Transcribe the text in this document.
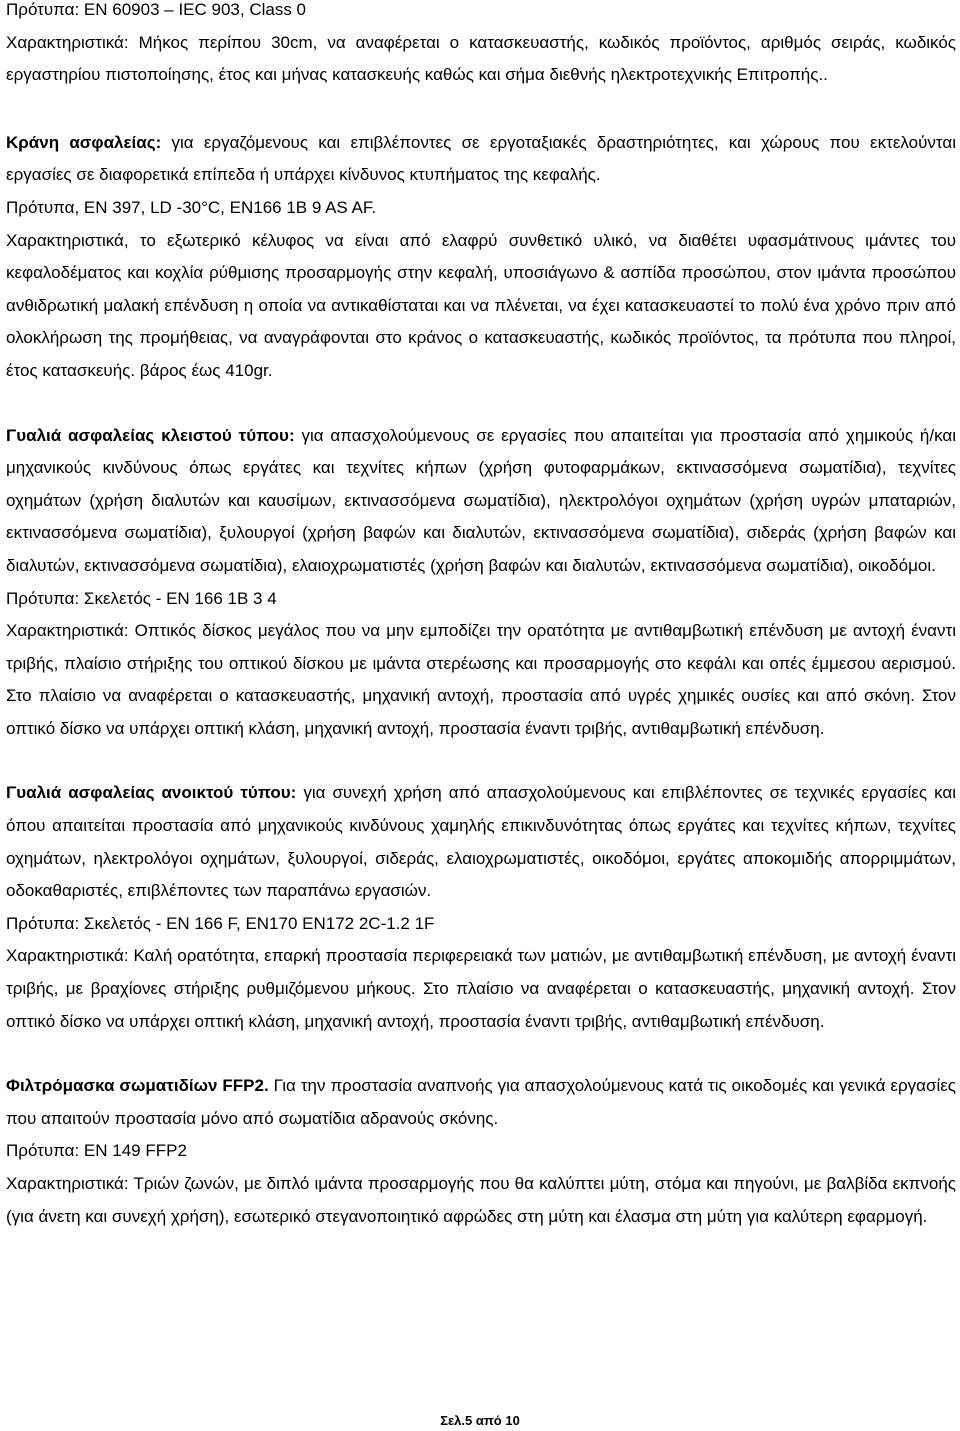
Πρότυπα: EN 60903 – IEC 903, Class 0

Χαρακτηριστικά: Μήκος περίπου 30cm, να αναφέρεται ο κατασκευαστής, κωδικός προϊόντος, αριθμός σειράς, κωδικός εργαστηρίου πιστοποίησης, έτος και μήνας κατασκευής καθώς και σήμα διεθνής ηλεκτροτεχνικής Επιτροπής..

Κράνη ασφαλείας: για εργαζόμενους και επιβλέποντες σε εργοταξιακές δραστηριότητες, και χώρους που εκτελούνται εργασίες σε διαφορετικά επίπεδα ή υπάρχει κίνδυνος κτυπήματος της κεφαλής.

Πρότυπα, EN 397, LD -30°C, EN166 1B 9 AS AF.

Χαρακτηριστικά, το εξωτερικό κέλυφος να είναι από ελαφρύ συνθετικό υλικό, να διαθέτει υφασμάτινους ιμάντες του κεφαλοδέματος και κοχλία ρύθμισης προσαρμογής στην κεφαλή, υποσιάγωνο & ασπίδα προσώπου, στον ιμάντα προσώπου ανθιδρωτική μαλακή επένδυση η οποία να αντικαθίσταται και να πλένεται, να έχει κατασκευαστεί το πολύ ένα χρόνο πριν από ολοκλήρωση της προμήθειας, να αναγράφονται στο κράνος ο κατασκευαστής, κωδικός προϊόντος, τα πρότυπα που πληροί, έτος κατασκευής. βάρος έως 410gr.

Γυαλιά ασφαλείας κλειστού τύπου: για απασχολούμενους σε εργασίες που απαιτείται για προστασία από χημικούς ή/και μηχανικούς κινδύνους όπως εργάτες και τεχνίτες κήπων (χρήση φυτοφαρμάκων, εκτινασσόμενα σωματίδια), τεχνίτες οχημάτων (χρήση διαλυτών και καυσίμων, εκτινασσόμενα σωματίδια), ηλεκτρολόγοι οχημάτων (χρήση υγρών μπαταριών, εκτινασσόμενα σωματίδια), ξυλουργοί (χρήση βαφών και διαλυτών, εκτινασσόμενα σωματίδια), σιδεράς (χρήση βαφών και διαλυτών, εκτινασσόμενα σωματίδια), ελαιοχρωματιστές (χρήση βαφών και διαλυτών, εκτινασσόμενα σωματίδια), οικοδόμοι.

Πρότυπα: Σκελετός - EN 166 1B 3 4

Χαρακτηριστικά: Οπτικός δίσκος μεγάλος που να μην εμποδίζει την ορατότητα με αντιθαμβωτική επένδυση με αντοχή έναντι τριβής, πλαίσιο στήριξης του οπτικού δίσκου με ιμάντα στερέωσης και προσαρμογής στο κεφάλι και οπές έμμεσου αερισμού. Στο πλαίσιο να αναφέρεται ο κατασκευαστής, μηχανική αντοχή, προστασία από υγρές χημικές ουσίες και από σκόνη. Στον οπτικό δίσκο να υπάρχει οπτική κλάση, μηχανική αντοχή, προστασία έναντι τριβής, αντιθαμβωτική επένδυση.

Γυαλιά ασφαλείας ανοικτού τύπου: για συνεχή χρήση από απασχολούμενους και επιβλέποντες σε τεχνικές εργασίες και όπου απαιτείται προστασία από μηχανικούς κινδύνους χαμηλής επικινδυνότητας όπως εργάτες και τεχνίτες κήπων, τεχνίτες οχημάτων, ηλεκτρολόγοι οχημάτων, ξυλουργοί, σιδεράς, ελαιοχρωματιστές, οικοδόμοι, εργάτες αποκομιδής απορριμμάτων, οδοκαθαριστές, επιβλέποντες των παραπάνω εργασιών.

Πρότυπα: Σκελετός - EN 166 F, EN170 EN172 2C-1.2 1F

Χαρακτηριστικά: Καλή ορατότητα, επαρκή προστασία περιφερειακά των ματιών, με αντιθαμβωτική επένδυση, με αντοχή έναντι τριβής, με βραχίονες στήριξης ρυθμιζόμενου μήκους. Στο πλαίσιο να αναφέρεται ο κατασκευαστής, μηχανική αντοχή. Στον οπτικό δίσκο να υπάρχει οπτική κλάση, μηχανική αντοχή, προστασία έναντι τριβής, αντιθαμβωτική επένδυση.

Φιλτρόμασκα σωματιδίων FFP2. Για την προστασία αναπνοής για απασχολούμενους κατά τις οικοδομές και γενικά εργασίες που απαιτούν προστασία μόνο από σωματίδια αδρανούς σκόνης.

Πρότυπα: EN 149 FFP2

Χαρακτηριστικά: Τριών ζωνών, με διπλό ιμάντα προσαρμογής που θα καλύπτει μύτη, στόμα και πηγούνι, με βαλβίδα εκπνοής (για άνετη και συνεχή χρήση), εσωτερικό στεγανοποιητικό αφρώδες στη μύτη και έλασμα στη μύτη για καλύτερη εφαρμογή.

Σελ.5 από 10
